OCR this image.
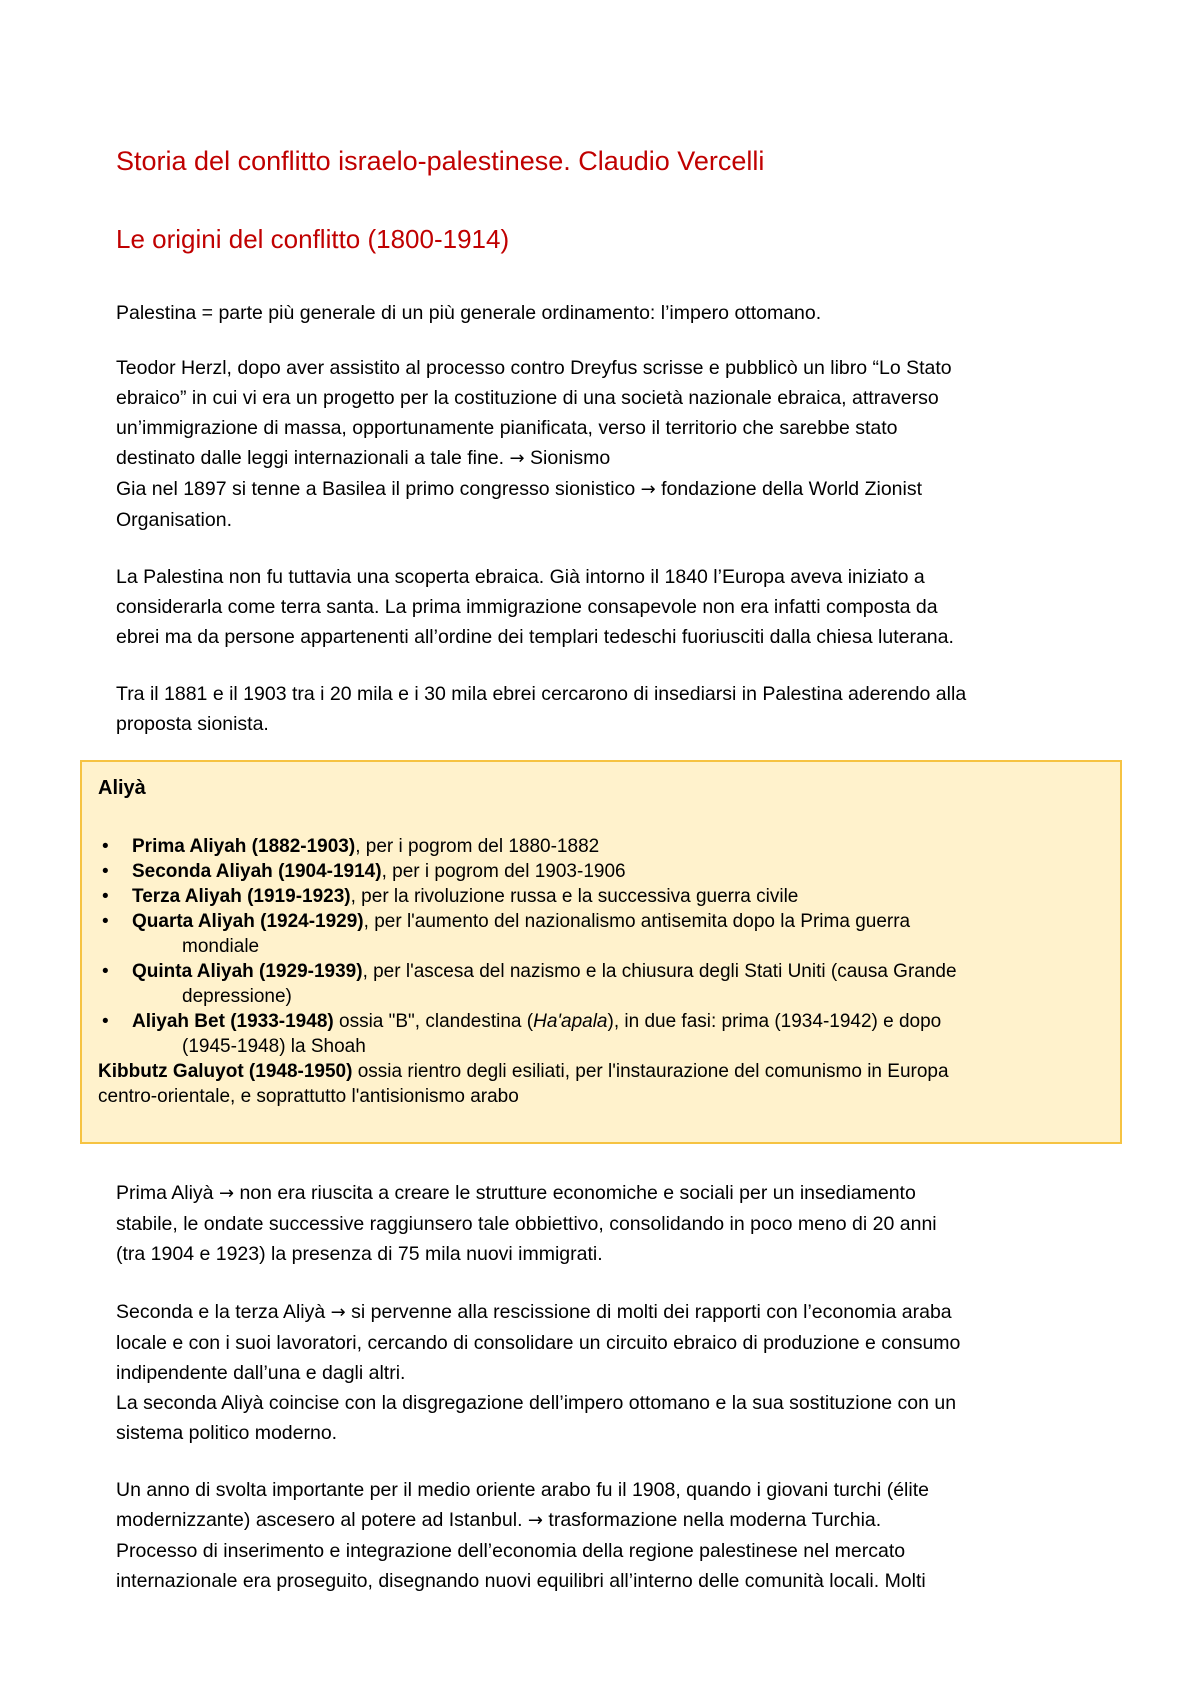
Storia del conflitto israelo-palestinese. Claudio Vercelli
Le origini del conflitto (1800-1914)
Palestina = parte più generale di un più generale ordinamento: l’impero ottomano.
Teodor Herzl, dopo aver assistito al processo contro Dreyfus scrisse e pubblicò un libro “Lo Stato
ebraico” in cui vi era un progetto per la costituzione di una società nazionale ebraica, attraverso
un’immigrazione di massa, opportunamente pianificata, verso il territorio che sarebbe stato
destinato dalle leggi internazionali a tale fine. → Sionismo
Gia nel 1897 si tenne a Basilea il primo congresso sionistico → fondazione della World Zionist
Organisation.
La Palestina non fu tuttavia una scoperta ebraica. Già intorno il 1840 l’Europa aveva iniziato a
considerarla come terra santa. La prima immigrazione consapevole non era infatti composta da
ebrei ma da persone appartenenti all’ordine dei templari tedeschi fuoriusciti dalla chiesa luterana.
Tra il 1881 e il 1903 tra i 20 mila e i 30 mila ebrei cercarono di insediarsi in Palestina aderendo alla
proposta sionista.
Aliyà
• Prima Aliyah (1882-1903), per i pogrom del 1880-1882
• Seconda Aliyah (1904-1914), per i pogrom del 1903-1906
• Terza Aliyah (1919-1923), per la rivoluzione russa e la successiva guerra civile
• Quarta Aliyah (1924-1929), per l'aumento del nazionalismo antisemita dopo la Prima guerra
mondiale
• Quinta Aliyah (1929-1939), per l'ascesa del nazismo e la chiusura degli Stati Uniti (causa Grande
depressione)
• Aliyah Bet (1933-1948) ossia "B", clandestina (Ha'apala), in due fasi: prima (1934-1942) e dopo
(1945-1948) la Shoah
Kibbutz Galuyot (1948-1950) ossia rientro degli esiliati, per l'instaurazione del comunismo in Europa
centro-orientale, e soprattutto l'antisionismo arabo
Prima Aliyà → non era riuscita a creare le strutture economiche e sociali per un insediamento
stabile, le ondate successive raggiunsero tale obbiettivo, consolidando in poco meno di 20 anni
(tra 1904 e 1923) la presenza di 75 mila nuovi immigrati.
Seconda e la terza Aliyà → si pervenne alla rescissione di molti dei rapporti con l’economia araba
locale e con i suoi lavoratori, cercando di consolidare un circuito ebraico di produzione e consumo
indipendente dall’una e dagli altri.
La seconda Aliyà coincise con la disgregazione dell’impero ottomano e la sua sostituzione con un
sistema politico moderno.
Un anno di svolta importante per il medio oriente arabo fu il 1908, quando i giovani turchi (élite
modernizzante) ascesero al potere ad Istanbul. → trasformazione nella moderna Turchia.
Processo di inserimento e integrazione dell’economia della regione palestinese nel mercato
internazionale era proseguito, disegnando nuovi equilibri all’interno delle comunità locali. Molti
